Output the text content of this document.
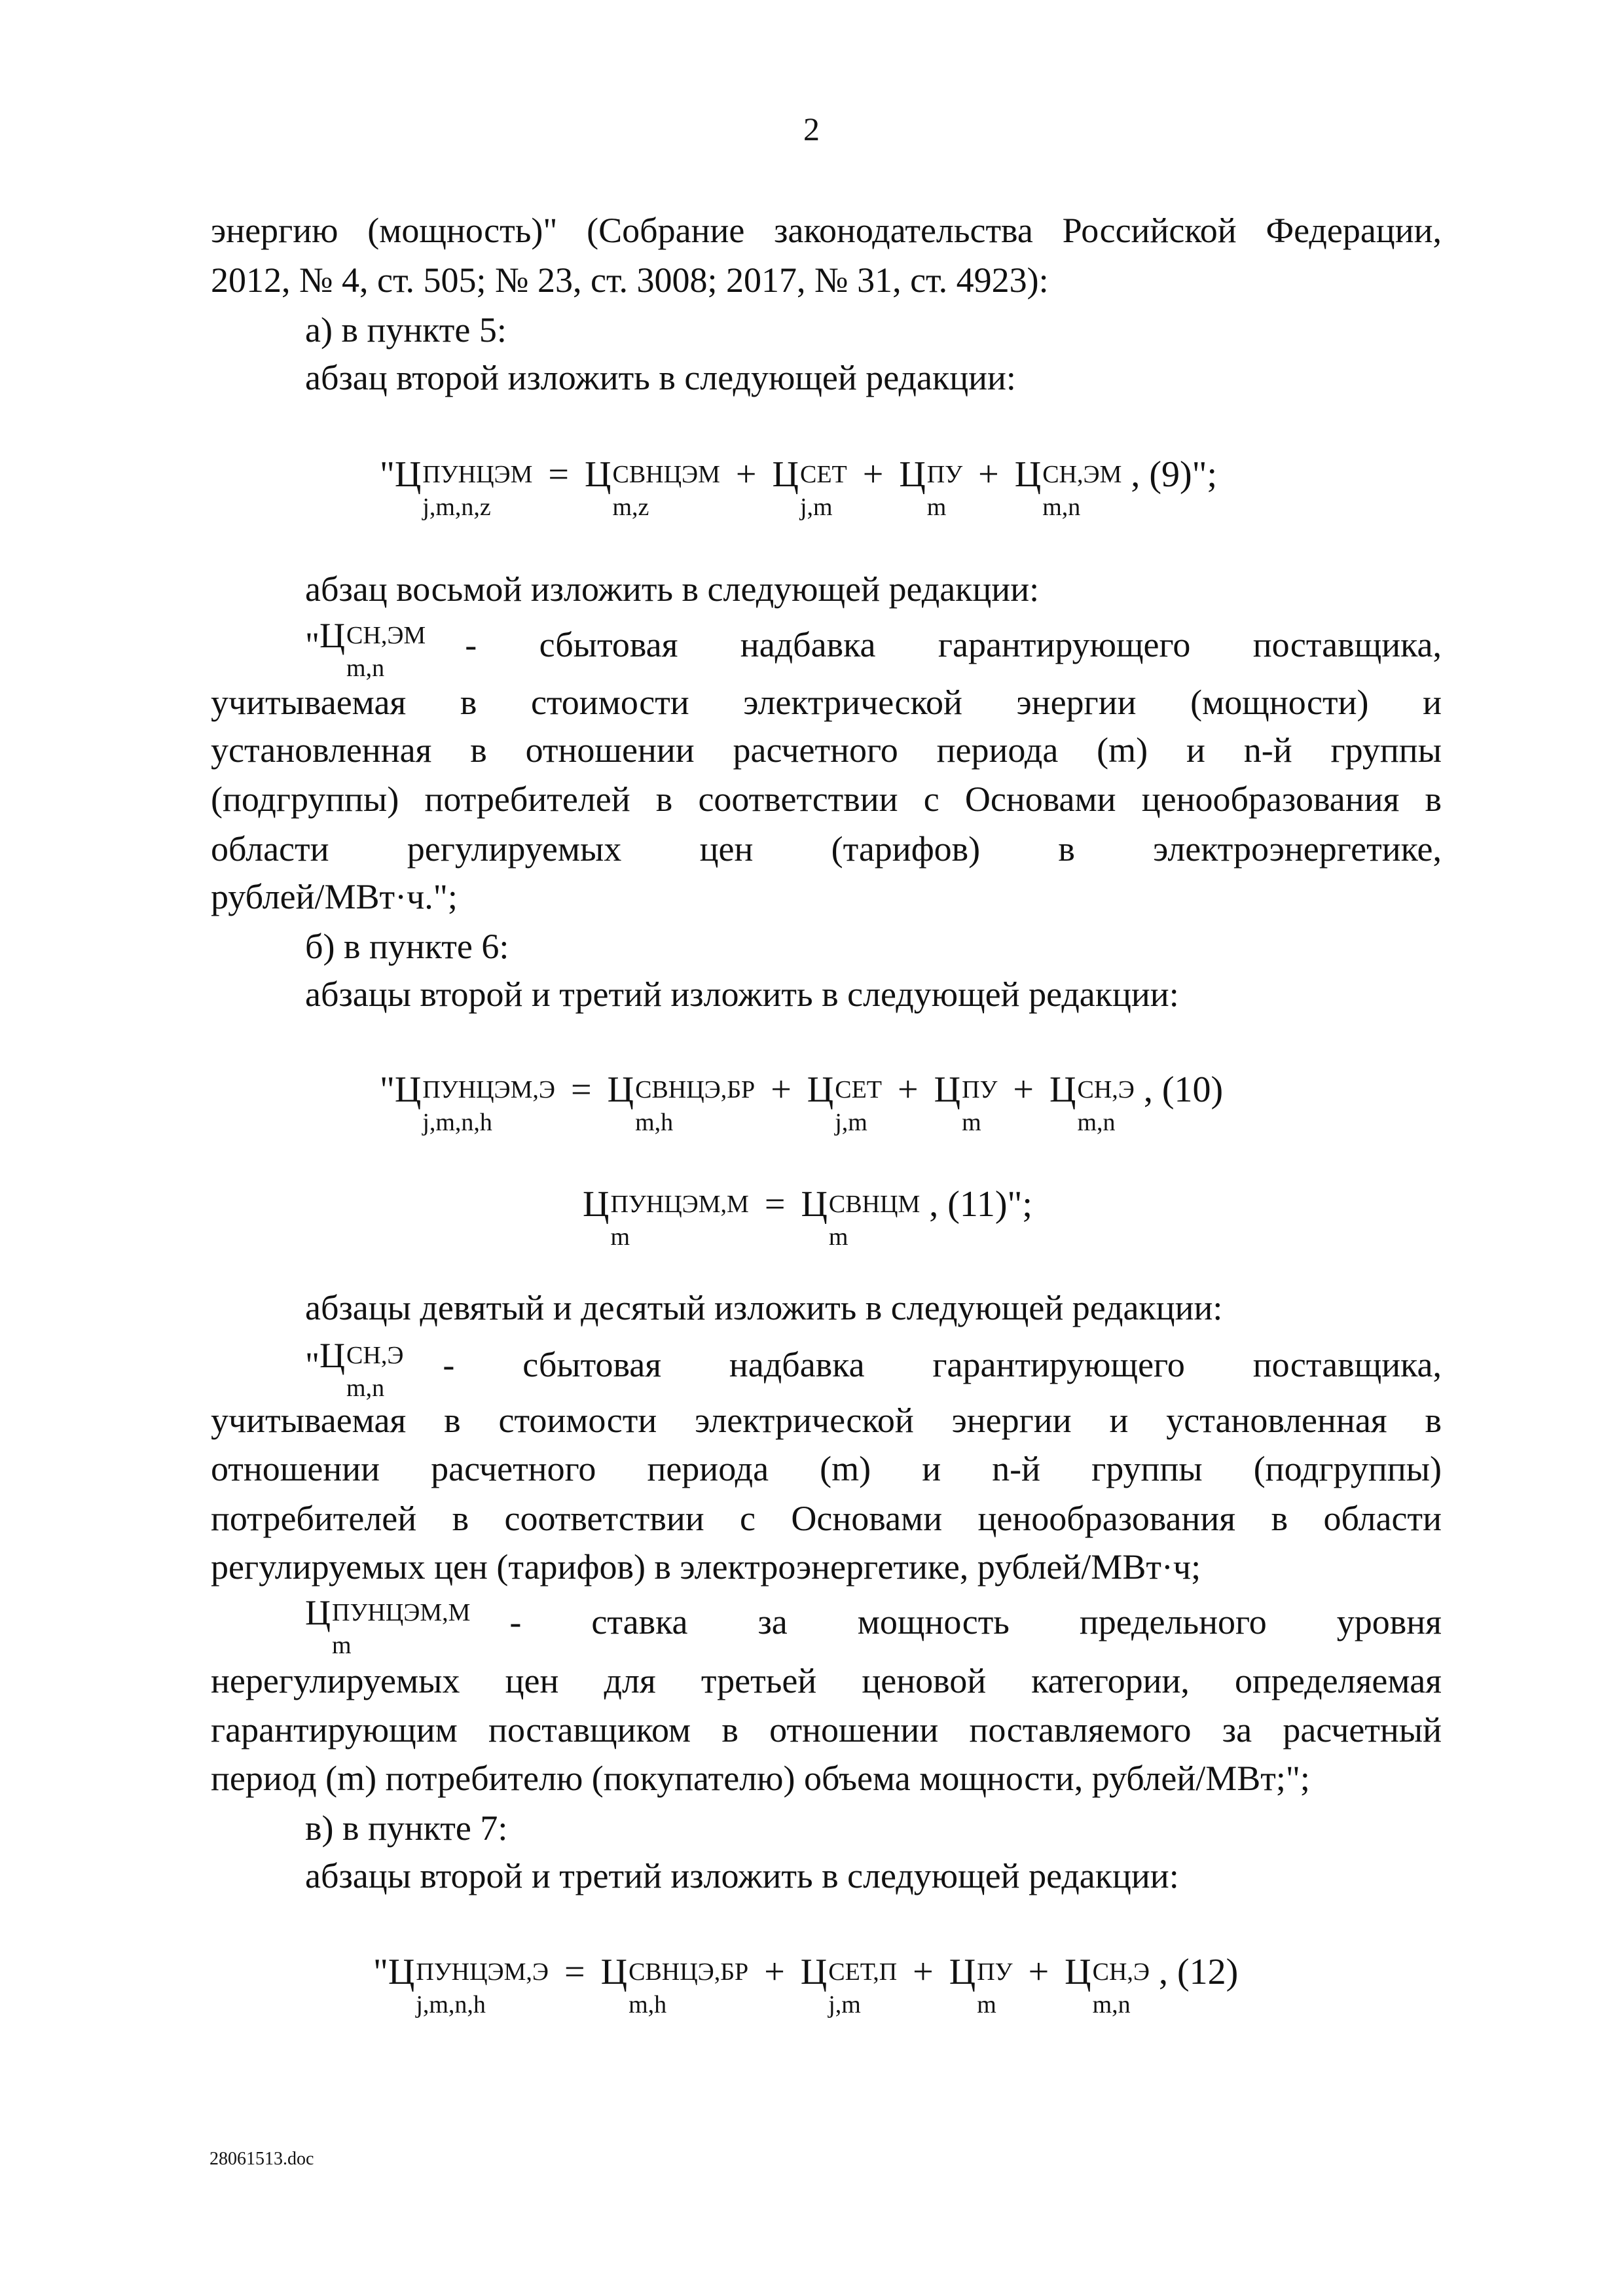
2
энергию (мощность)" (Собрание законодательства Российской Федерации,
2012, № 4, ст. 505; № 23, ст. 3008; 2017, № 31, ст. 4923):
а) в пункте 5:
абзац второй изложить в следующей редакции:
" Ц ПУНЦЭМ
j,m,n,z
= Ц СВНЦЭМ
m,z
+ Ц СЕТ
j,m
+ Ц ПУ
m
+ Ц СН,ЭМ
m,n
, (9)";
абзац восьмой изложить в следующей редакции:
" Ц СН,ЭМ
m,n
- сбытовая надбавка гарантирующего поставщика,
учитываемая в стоимости электрической энергии (мощности) и
установленная в отношении расчетного периода (m) и n-й группы
(подгруппы) потребителей в соответствии с Основами ценообразования в
области регулируемых цен (тарифов) в электроэнергетике,
рублей/МВт·ч.";
б) в пункте 6:
абзацы второй и третий изложить в следующей редакции:
" Ц ПУНЦЭМ,Э
j,m,n,h
= Ц СВНЦЭ,БР
m,h
+ Ц СЕТ
j,m
+ Ц ПУ
m
+ Ц СН,Э
m,n
, (10)
Ц ПУНЦЭМ,М
m
= Ц СВНЦМ
m
, (11)";
абзацы девятый и десятый изложить в следующей редакции:
" Ц СН,Э
m,n
- сбытовая надбавка гарантирующего поставщика,
учитываемая в стоимости электрической энергии и установленная в
отношении расчетного периода (m) и n-й группы (подгруппы)
потребителей в соответствии с Основами ценообразования в области
регулируемых цен (тарифов) в электроэнергетике, рублей/МВт·ч;
Ц ПУНЦЭМ,М
m
- ставка за мощность предельного уровня
нерегулируемых цен для третьей ценовой категории, определяемая
гарантирующим поставщиком в отношении поставляемого за расчетный
период (m) потребителю (покупателю) объема мощности, рублей/МВт;";
в) в пункте 7:
абзацы второй и третий изложить в следующей редакции:
" Ц ПУНЦЭМ,Э
j,m,n,h
= Ц СВНЦЭ,БР
m,h
+ Ц СЕТ,П
j,m
+ Ц ПУ
m
+ Ц СН,Э
m,n
, (12)
28061513.doc
